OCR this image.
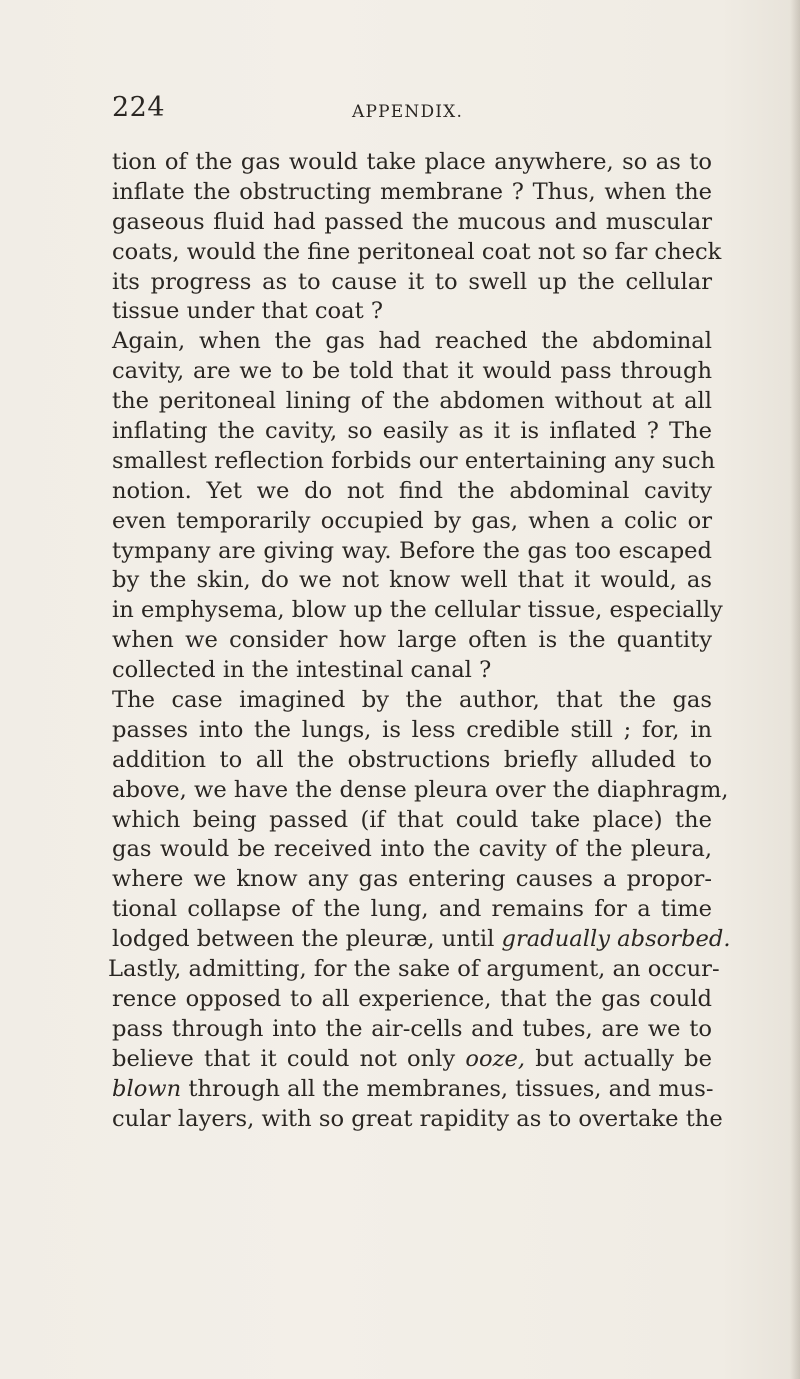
224	APPENDIX.
tion of the gas would take place anywhere, so as to
inflate the obstructing membrane ? Thus, when the
gaseous fluid had passed the mucous and muscular
coats, would the fine peritoneal coat not so far check
its progress as to cause it to swell up the cellular
tissue under that coat ?
Again, when the gas had reached the abdominal
cavity, are we to be told that it would pass through
the peritoneal lining of the abdomen without at all
inflating the cavity, so easily as it is inflated ? The
smallest reflection forbids our entertaining any such
notion. Yet we do not find the abdominal cavity
even temporarily occupied by gas, when a colic or
tympany are giving way. Before the gas too escaped
by the skin, do we not know well that it would, as
in emphysema, blow up the cellular tissue, especially
when we consider how large often is the quantity
collected in the intestinal canal ?
The case imagined by the author, that the gas
passes into the lungs, is less credible still ; for, in
addition to all the obstructions briefly alluded to
above, we have the dense pleura over the diaphragm,
which being passed (if that could take place) the
gas would be received into the cavity of the pleura,
where we know any gas entering causes a propor-
tional collapse of the lung, and remains for a time
lodged between the pleuræ, until gradually absorbed.
Lastly, admitting, for the sake of argument, an occur-
rence opposed to all experience, that the gas could
pass through into the air-cells and tubes, are we to
believe that it could not only ooze, but actually be
blown through all the membranes, tissues, and mus-
cular layers, with so great rapidity as to overtake the
